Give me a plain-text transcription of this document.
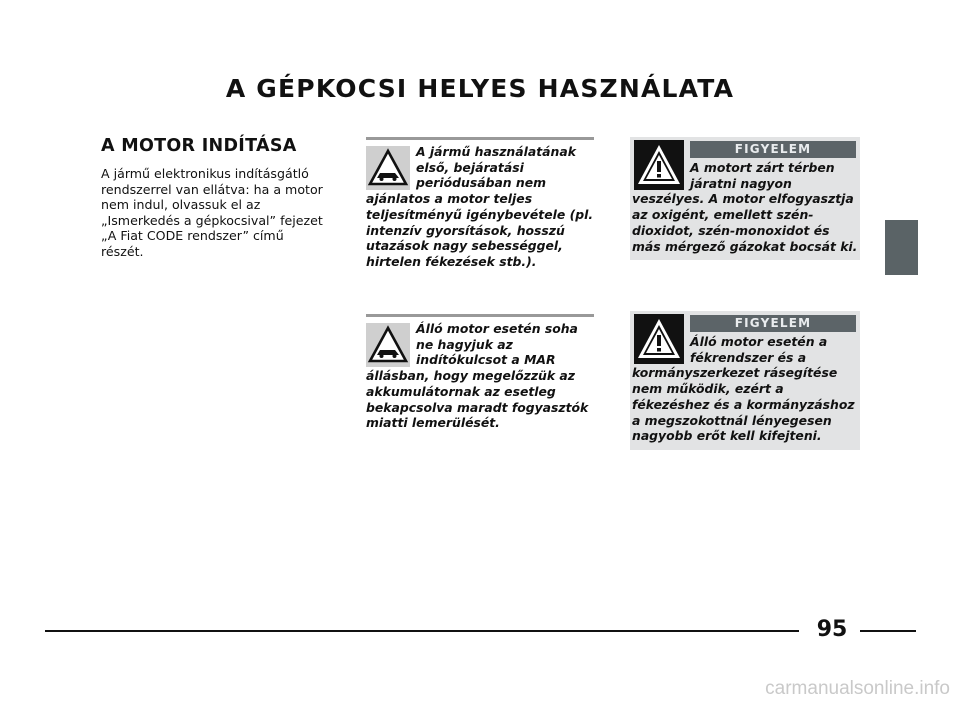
A GÉPKOCSI HELYES HASZNÁLATA
A MOTOR INDÍTÁSA
A jármű elektronikus indításgátló
rendszerrel van ellátva: ha a motor
nem indul, olvassuk el az
„Ismerkedés a gépkocsival” fejezet
„A Fiat CODE rendszer” című
részét.
A jármű használatának
első, bejáratási
periódusában nem
ajánlatos a motor teljes
teljesítményű igénybevétele (pl.
intenzív gyorsítások, hosszú
utazások nagy sebességgel,
hirtelen fékezések stb.).
Álló motor esetén soha
ne hagyjuk az
indítókulcsot a MAR
állásban, hogy megelőzzük az
akkumulátornak az esetleg
bekapcsolva maradt fogyasztók
miatti lemerülését.
FIGYELEM
A motort zárt térben
járatni nagyon
veszélyes. A motor elfogyasztja
az oxigént, emellett szén-
dioxidot, szén-monoxidot és
más mérgező gázokat bocsát ki.
FIGYELEM
Álló motor esetén a
fékrendszer és a
kormányszerkezet rásegítése
nem működik, ezért a
fékezéshez és a kormányzáshoz
a megszokottnál lényegesen
nagyobb erőt kell kifejteni.
95
carmanualsonline.info
